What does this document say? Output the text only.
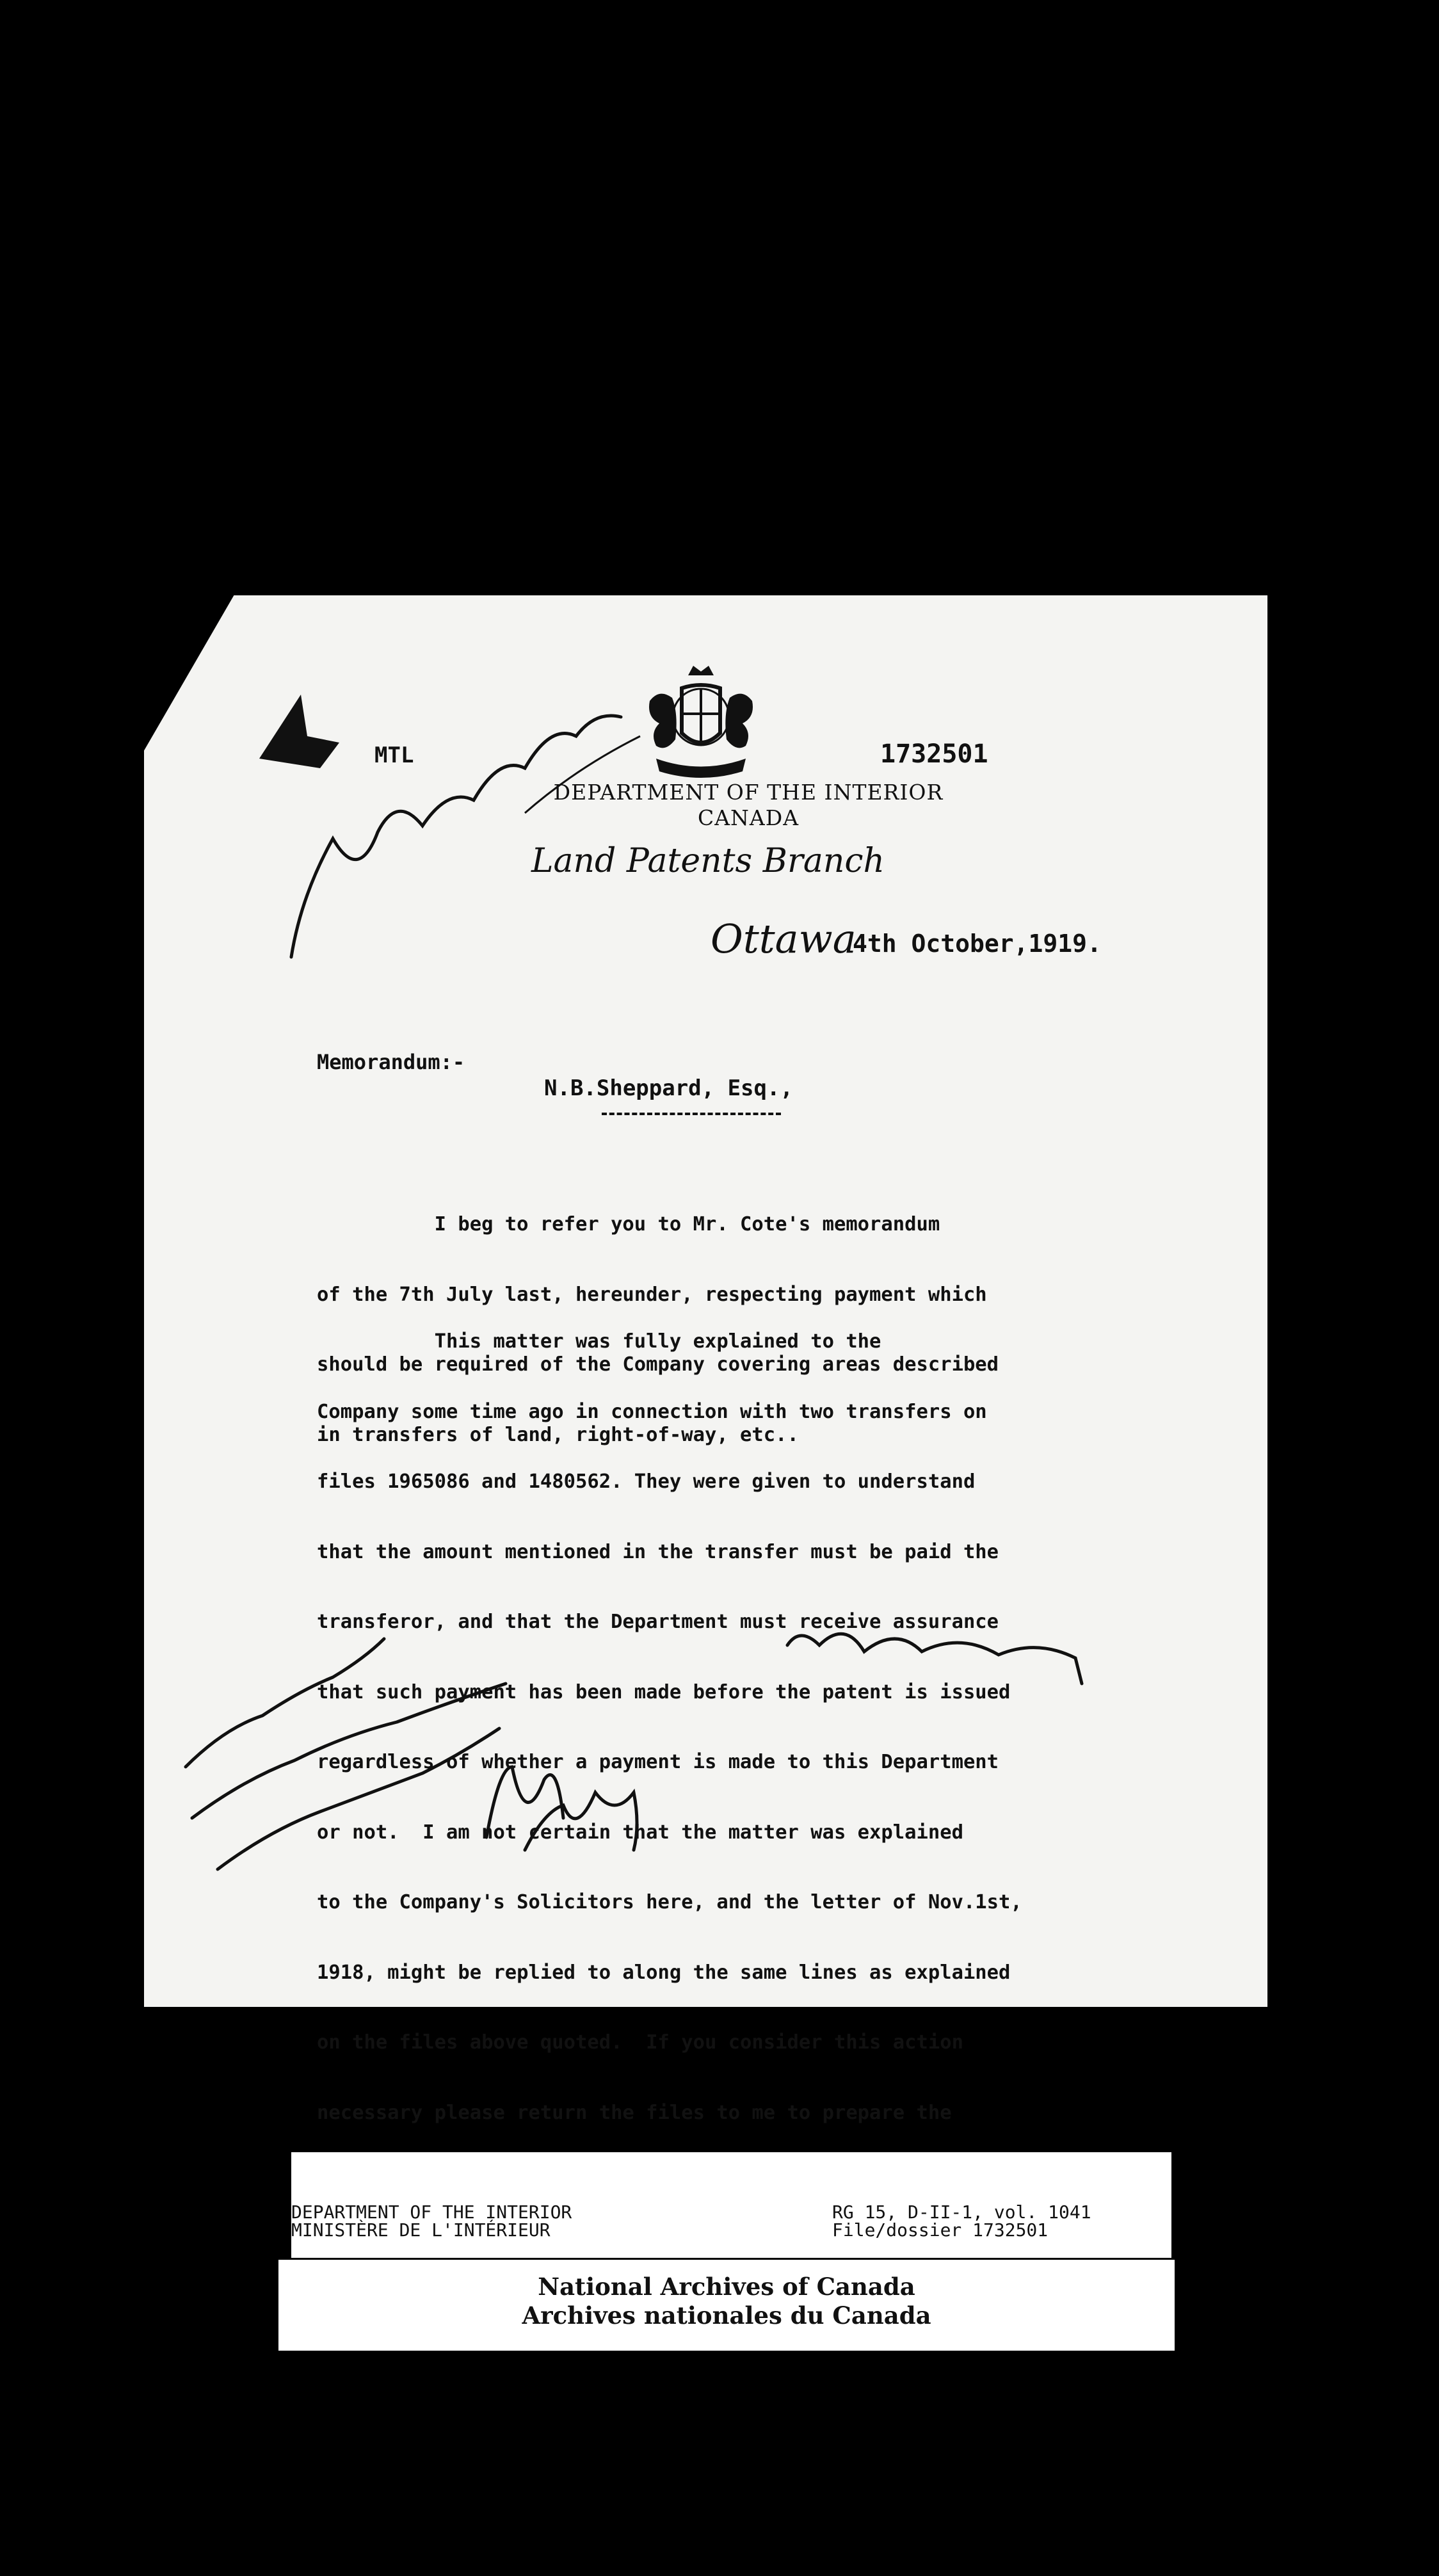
MTL	1732501
DEPARTMENT OF THE INTERIOR
CANADA
Land Patents Branch
Ottawa
4th October,1919.
Memorandum:-
N.B.Sheppard, Esq.,

I beg to refer you to Mr. Cote's memorandum

of the 7th July last, hereunder, respecting payment which

should be required of the Company covering areas described

in transfers of land, right-of-way, etc..

This matter was fully explained to the

Company some time ago in connection with two transfers on

files 1965086 and 1480562. They were given to understand

that the amount mentioned in the transfer must be paid the

transferor, and that the Department must receive assurance

that such payment has been made before the patent is issued

regardless of whether a payment is made to this Department

or not.  I am not certain that the matter was explained

to the Company's Solicitors here, and the letter of Nov.1st,

1918, might be replied to along the same lines as explained

on the files above quoted.  If you consider this action

necessary please return the files to me to prepare the

DEPARTMENT OF THE INTERIOR
MINISTÈRE DE L'INTÉRIEUR
RG 15, D-II-1, vol. 1041
File/dossier 1732501
National Archives of Canada
Archives nationales du Canada
